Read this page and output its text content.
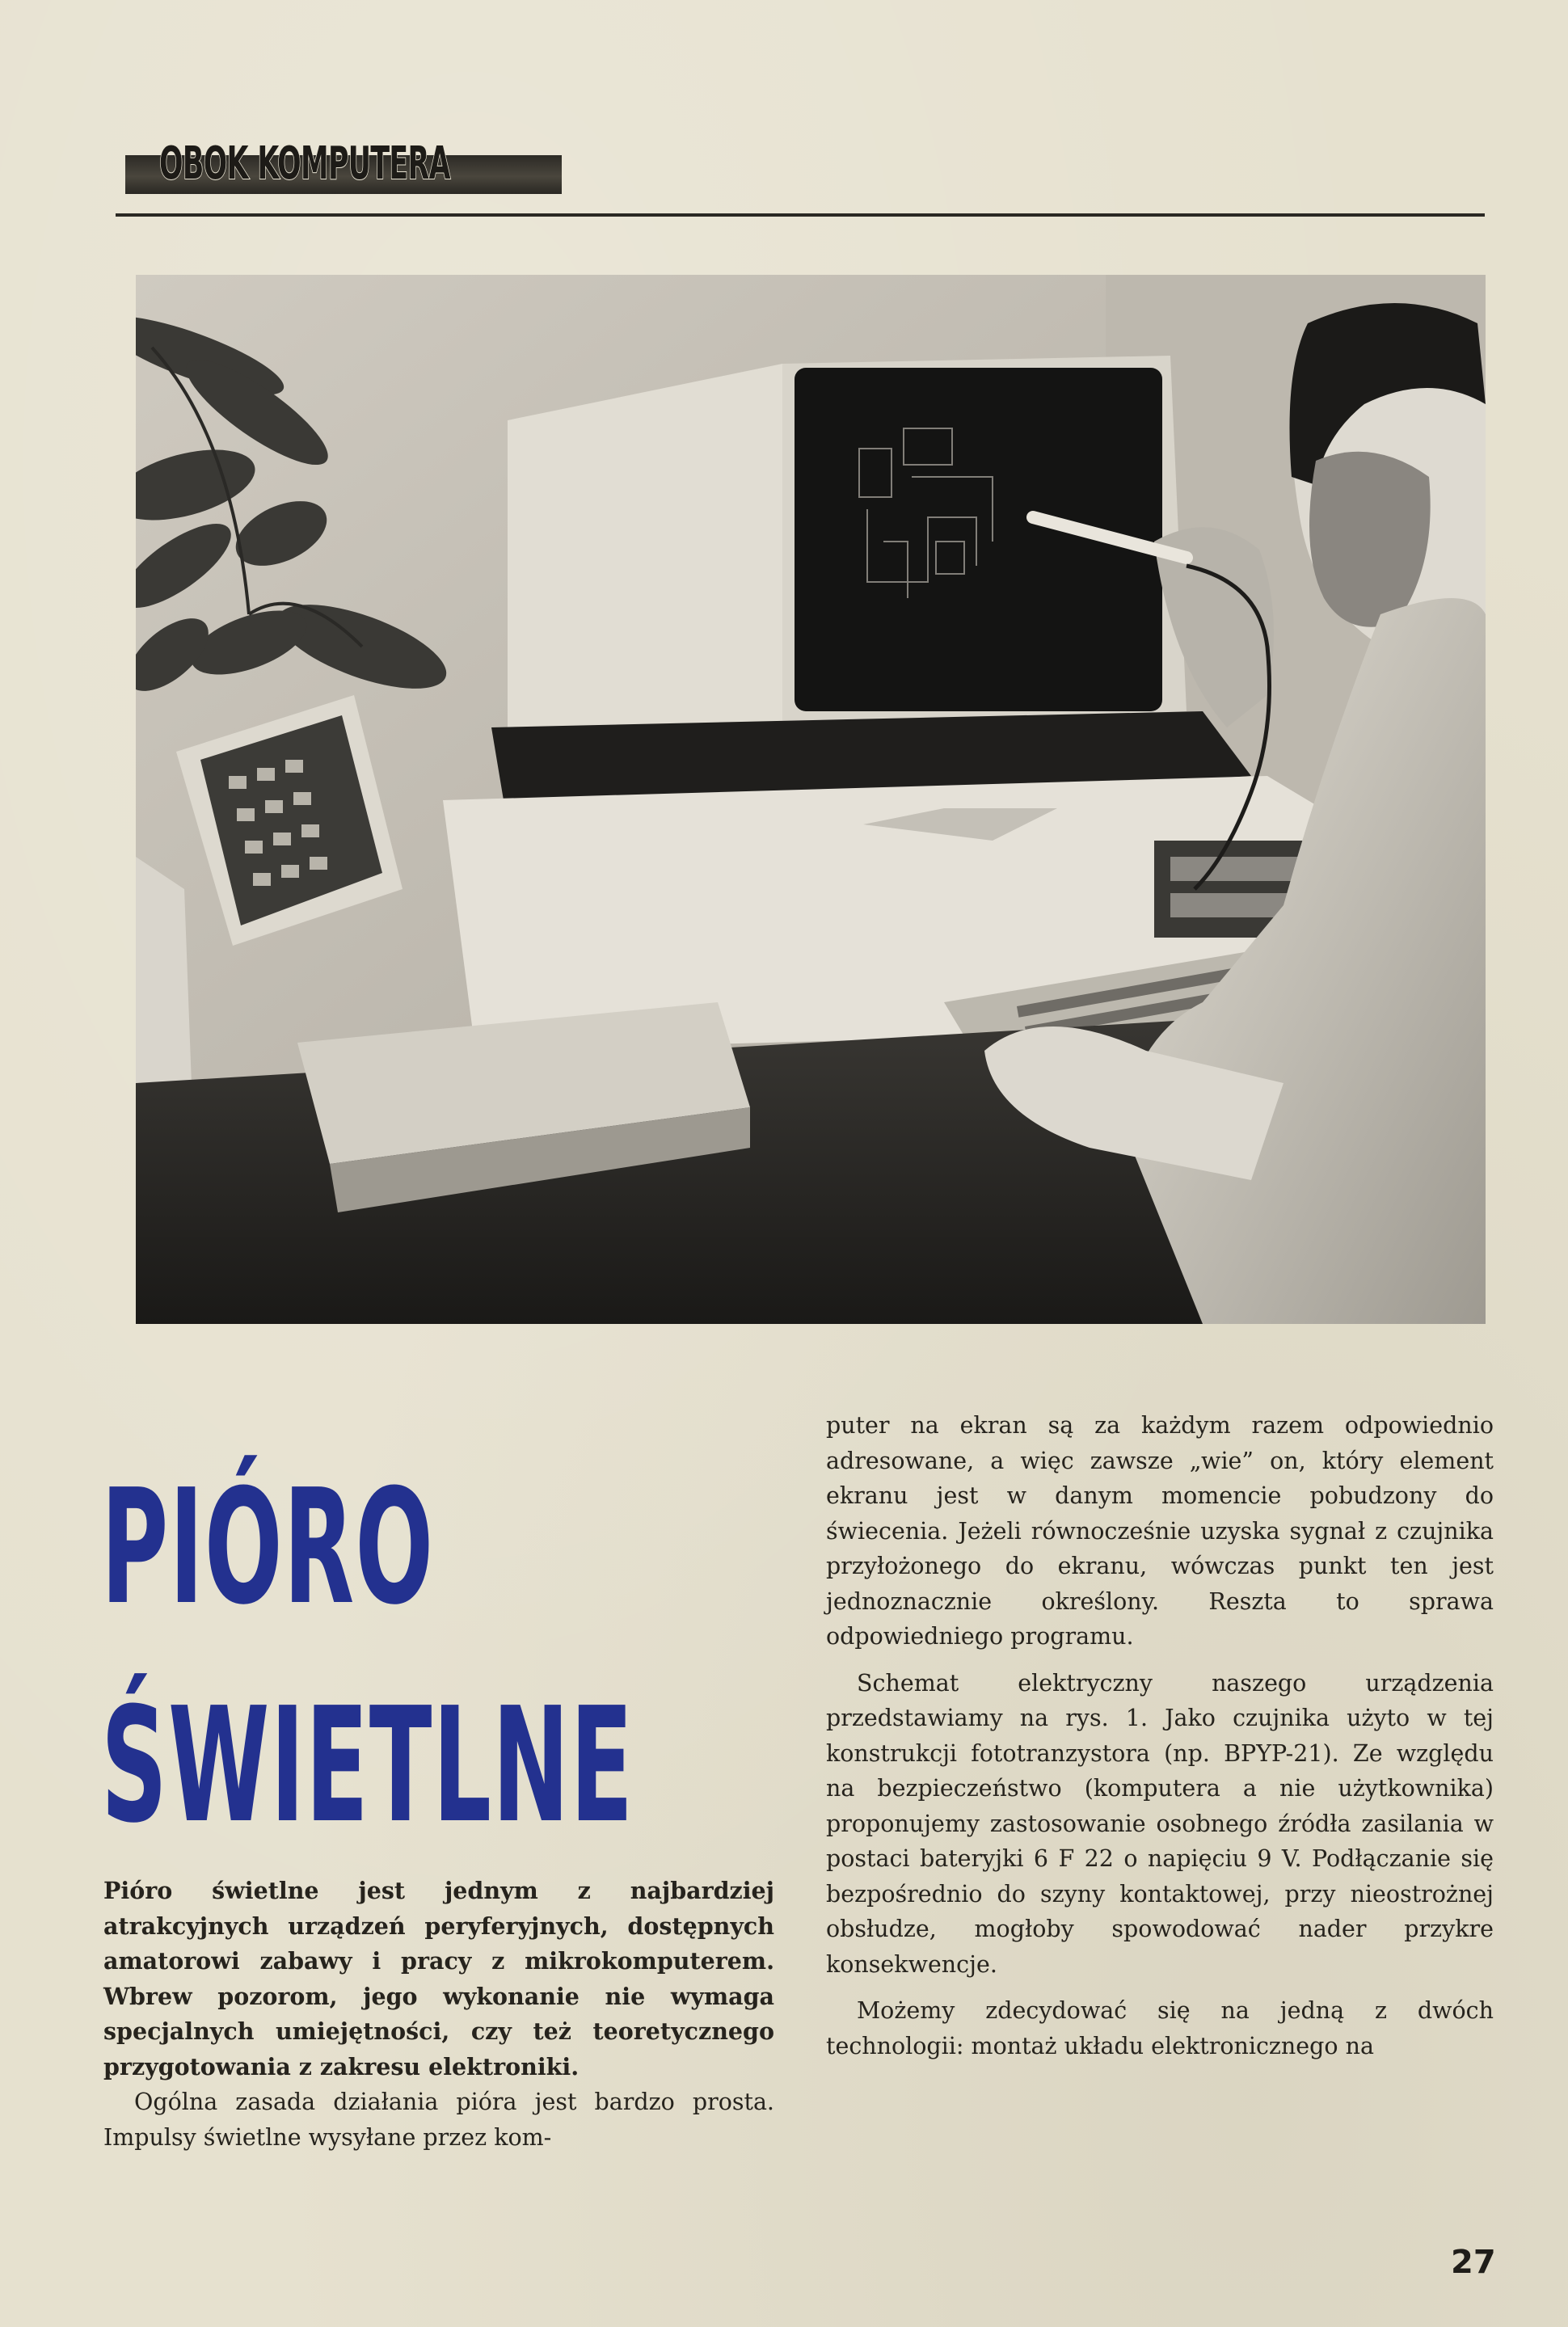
OBOK KOMPUTERA
PIÓRO
ŚWIETLNE

Pióro świetlne jest jednym z najbardziej atrakcyjnych urządzeń peryferyjnych, dostępnych amatorowi zabawy i pracy z mikrokomputerem. Wbrew pozorom, jego wykonanie nie wymaga specjalnych umiejętności, czy też teoretycznego przygotowania z zakresu elektroniki.

Ogólna zasada działania pióra jest bardzo prosta. Impulsy świetlne wysyłane przez kom-

puter na ekran są za każdym razem odpowiednio adresowane, a więc zawsze „wie” on, który element ekranu jest w danym momencie pobudzony do świecenia. Jeżeli równocześnie uzyska sygnał z czujnika przyłożonego do ekranu, wówczas punkt ten jest jednoznacznie określony. Reszta to sprawa odpowiedniego programu.

Schemat elektryczny naszego urządzenia przedstawiamy na rys. 1. Jako czujnika użyto w tej konstrukcji fototranzystora (np. BPYP-21). Ze względu na bezpieczeństwo (komputera a nie użytkownika) proponujemy zastosowanie osobnego źródła zasilania w postaci bateryjki 6 F 22 o napięciu 9 V. Podłączanie się bezpośrednio do szyny kontaktowej, przy nieostrożnej obsłudze, mogłoby spowodować nader przykre konsekwencje.

Możemy zdecydować się na jedną z dwóch technologii: montaż układu elektronicznego na

27
